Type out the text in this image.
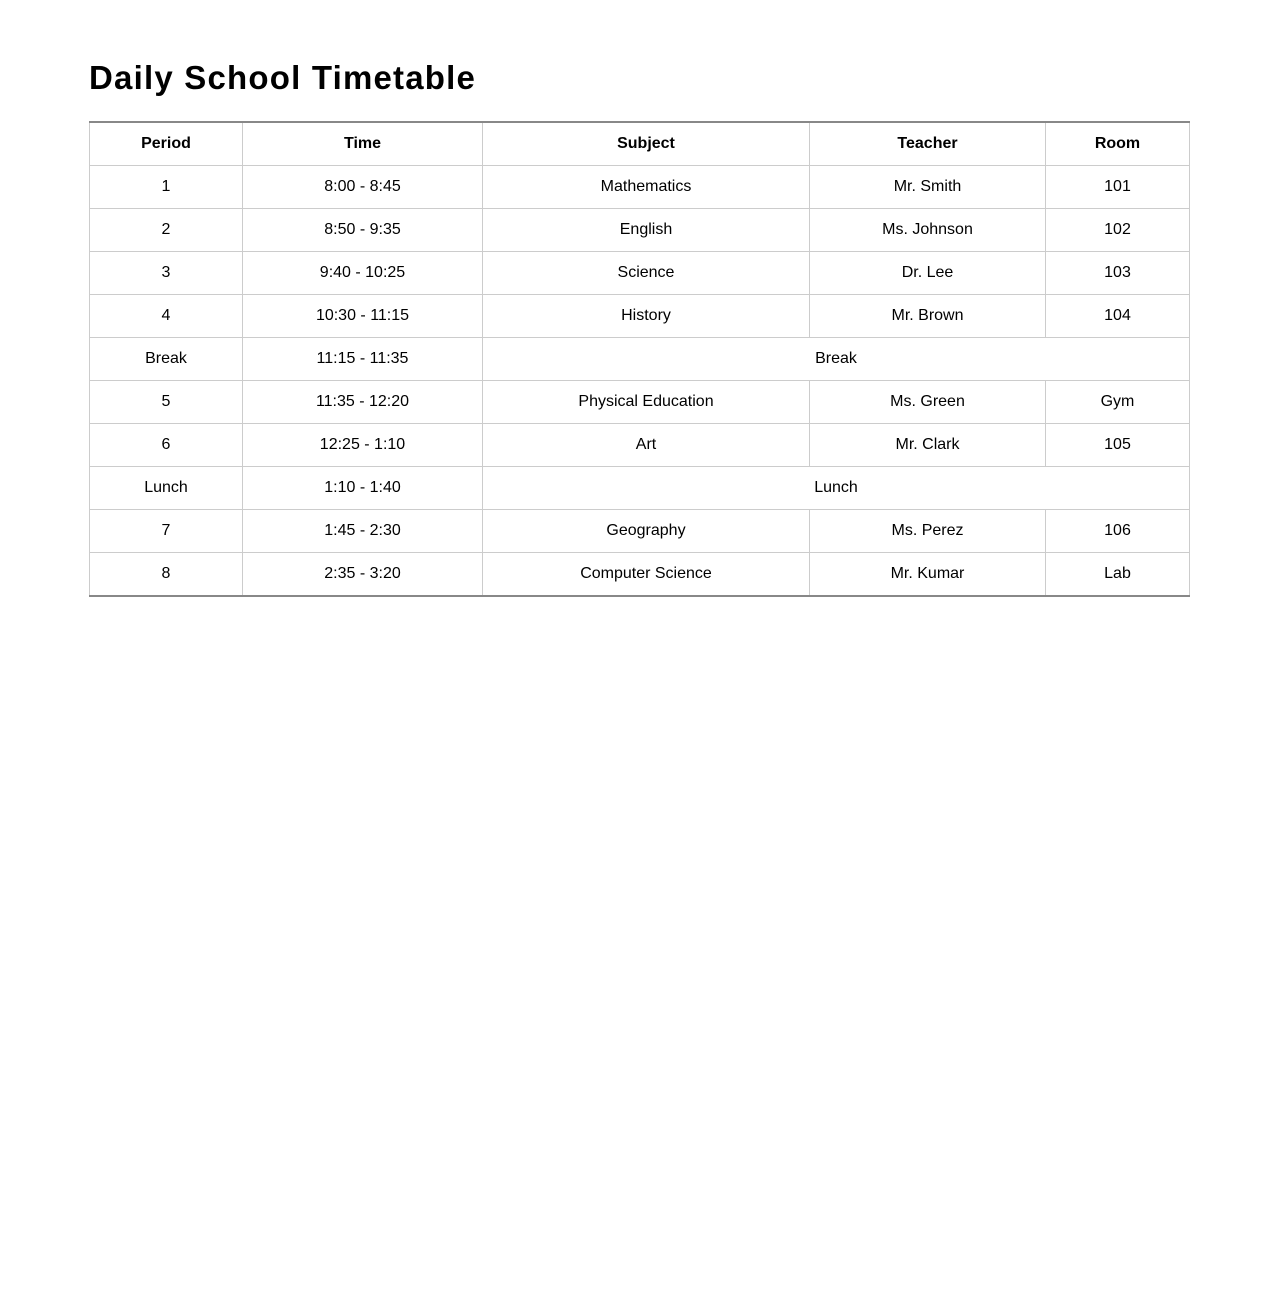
Daily School Timetable
Period	Time	Subject	Teacher	Room
1	8:00 - 8:45	Mathematics	Mr. Smith	101
2	8:50 - 9:35	English	Ms. Johnson	102
3	9:40 - 10:25	Science	Dr. Lee	103
4	10:30 - 11:15	History	Mr. Brown	104
Break	11:15 - 11:35	Break		
5	11:35 - 12:20	Physical Education	Ms. Green	Gym
6	12:25 - 1:10	Art	Mr. Clark	105
Lunch	1:10 - 1:40	Lunch		
7	1:45 - 2:30	Geography	Ms. Perez	106
8	2:35 - 3:20	Computer Science	Mr. Kumar	Lab
